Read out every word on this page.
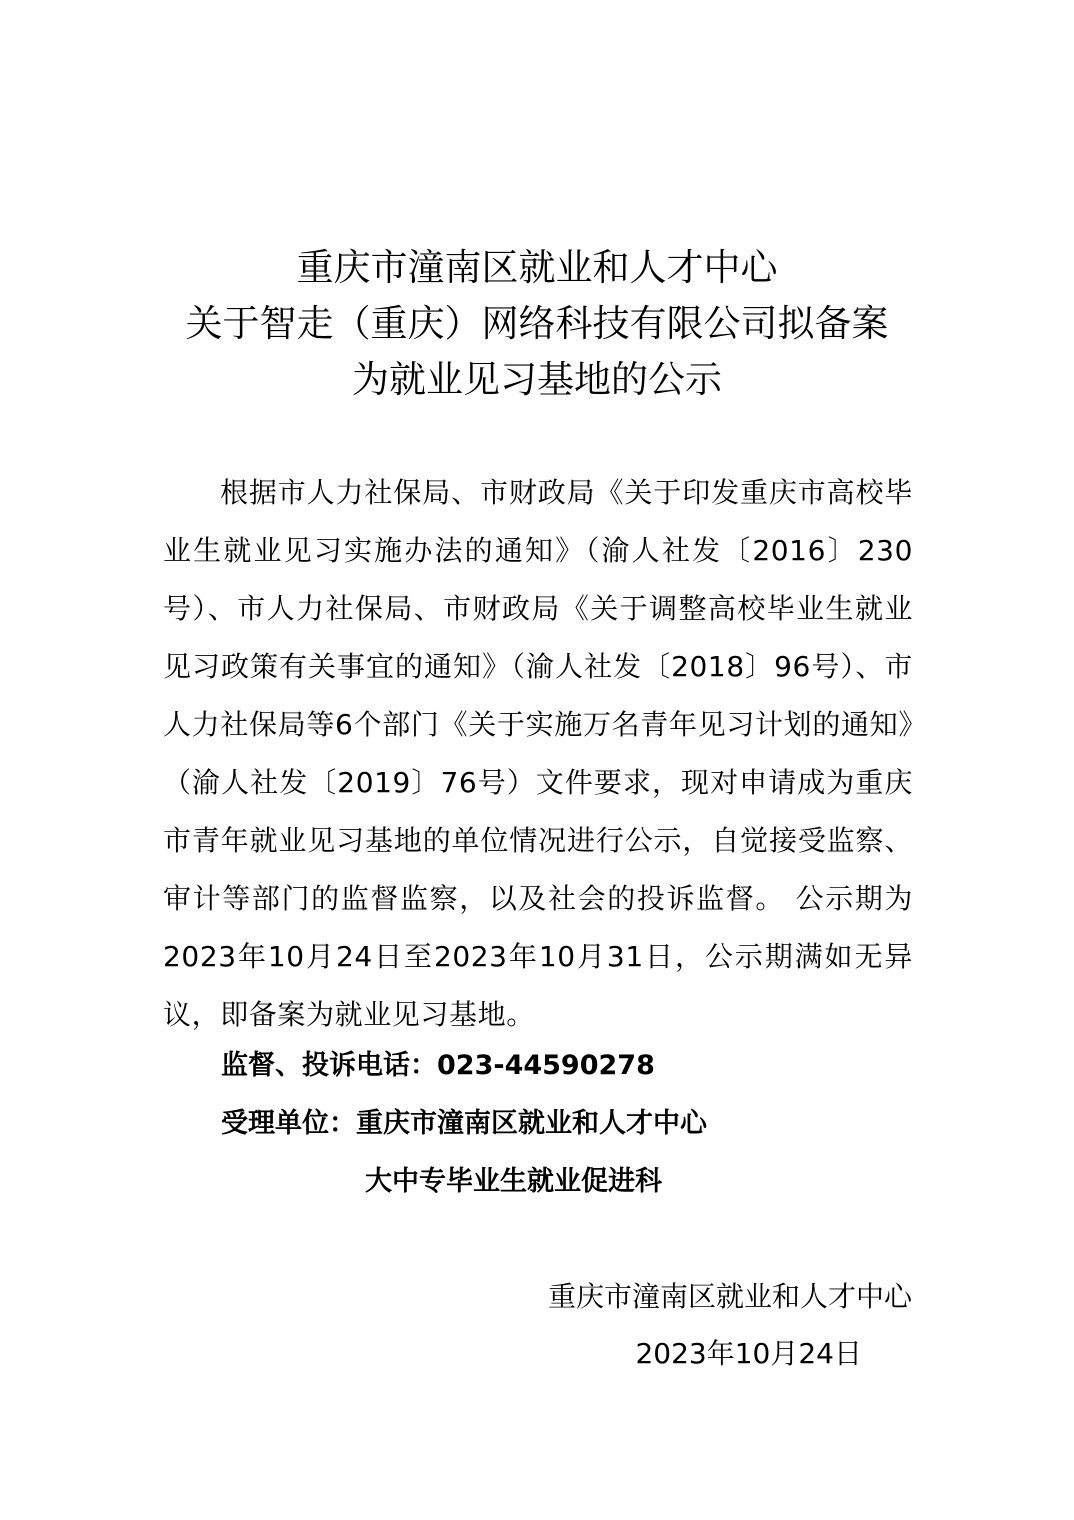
重庆市潼南区就业和人才中心
关于智走（重庆）网络科技有限公司拟备案
为就业见习基地的公示
根据市人力社保局、市财政局《关于印发重庆市高校毕业生就业见习实施办法的通知》（渝人社发〔2016〕230号）、市人力社保局、市财政局《关于调整高校毕业生就业见习政策有关事宜的通知》（渝人社发〔2018〕96号）、市人力社保局等6个部门《关于实施万名青年见习计划的通知》（渝人社发〔2019〕76号）文件要求，现对申请成为重庆市青年就业见习基地的单位情况进行公示，自觉接受监察、审计等部门的监督监察，以及社会的投诉监督。 公示期为2023年10月24日至2023年10月31日，公示期满如无异议，即备案为就业见习基地。
监督、投诉电话：023-44590278
受理单位：重庆市潼南区就业和人才中心
大中专毕业生就业促进科
重庆市潼南区就业和人才中心
2023年10月24日
